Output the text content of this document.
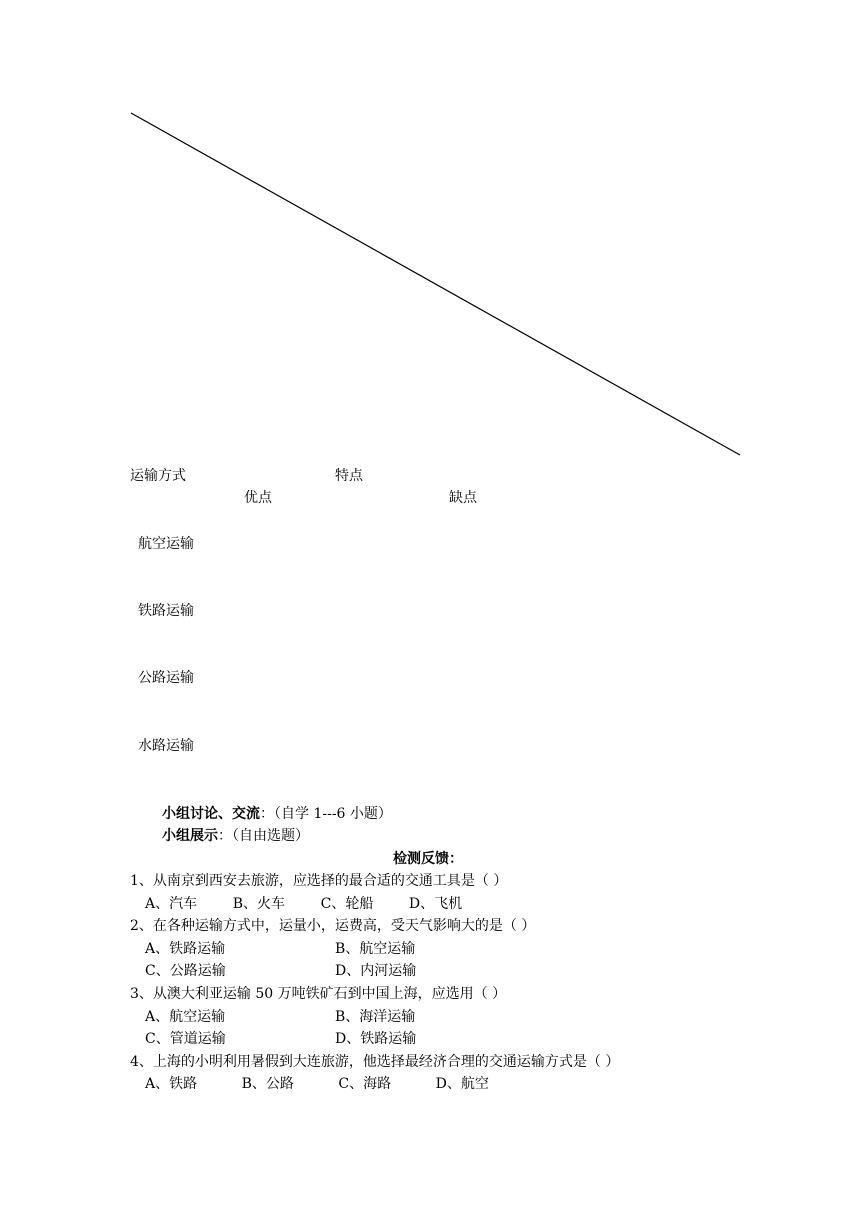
运输方式	特点
优点	缺点
航空运输
铁路运输
公路运输
水路运输
小组讨论、交流：（自学 1---6 小题）
小组展示：（自由选题）
检测反馈：
1、从南京到西安去旅游，应选择的最合适的交通工具是（ ）
A、汽车        B、火车        C、轮船        D、飞机
2、在各种运输方式中，运量小，运费高，受天气影响大的是（ ）
A、铁路运输	B、航空运输
C、公路运输	D、内河运输
3、从澳大利亚运输 50 万吨铁矿石到中国上海，应选用（ ）
A、航空运输	B、海洋运输
C、管道运输	D、铁路运输
4、上海的小明利用暑假到大连旅游，他选择最经济合理的交通运输方式是（ ）
A、铁路          B、公路          C、海路          D、航空
